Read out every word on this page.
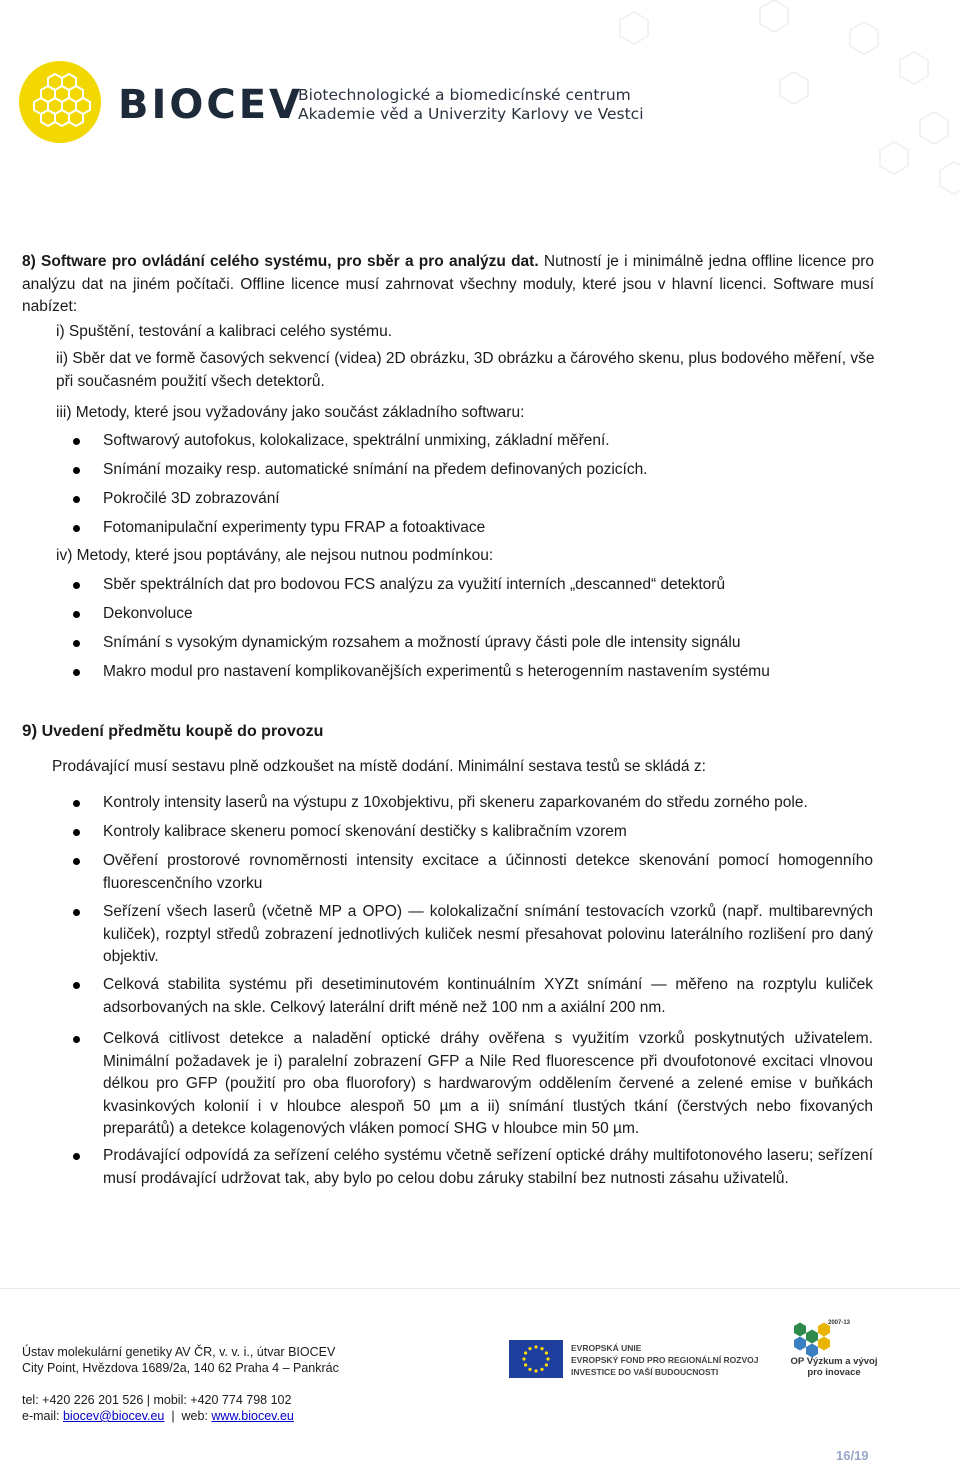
BIOCEV
Biotechnologické a biomedicínské centrum
Akademie věd a Univerzity Karlovy ve Vestci
8) Software pro ovládání celého systému, pro sběr a pro analýzu dat. Nutností je i minimálně jedna offline licence pro analýzu dat na jiném počítači. Offline licence musí zahrnovat všechny moduly, které jsou v hlavní licenci. Software musí nabízet:
i) Spuštění, testování a kalibraci celého systému.
ii) Sběr dat ve formě časových sekvencí (videa) 2D obrázku, 3D obrázku a čárového skenu, plus bodového měření, vše při současném použití všech detektorů.
iii) Metody, které jsou vyžadovány jako součást základního softwaru:
Softwarový autofokus, kolokalizace, spektrální unmixing, základní měření.
Snímání mozaiky resp. automatické snímání na předem definovaných pozicích.
Pokročilé 3D zobrazování
Fotomanipulační experimenty typu FRAP a fotoaktivace
iv) Metody, které jsou poptávány, ale nejsou nutnou podmínkou:
Sběr spektrálních dat pro bodovou FCS analýzu za využití interních „descanned“ detektorů
Dekonvoluce
Snímání s vysokým dynamickým rozsahem a možností úpravy části pole dle intensity signálu
Makro modul pro nastavení komplikovanějších experimentů s heterogenním nastavením systému
9) Uvedení předmětu koupě do provozu
Prodávající musí sestavu plně odzkoušet na místě dodání. Minimální sestava testů se skládá z:
Kontroly intensity laserů na výstupu z 10xobjektivu, při skeneru zaparkovaném do středu zorného pole.
Kontroly kalibrace skeneru pomocí skenování destičky s kalibračním vzorem
Ověření prostorové rovnoměrnosti intensity excitace a účinnosti detekce skenování pomocí homogenního fluorescenčního vzorku
Seřízení všech laserů (včetně MP a OPO) — kolokalizační snímání testovacích vzorků (např. multibarevných kuliček), rozptyl středů zobrazení jednotlivých kuliček nesmí přesahovat polovinu laterálního rozlišení pro daný objektiv.
Celková stabilita systému při desetiminutovém kontinuálním XYZt snímání — měřeno na rozptylu kuliček adsorbovaných na skle. Celkový laterální drift méně než 100 nm a axiální 200 nm.
Celková citlivost detekce a naladění optické dráhy ověřena s využitím vzorků poskytnutých uživatelem. Minimální požadavek je i) paralelní zobrazení GFP a Nile Red fluorescence při dvoufotonové excitaci vlnovou délkou pro GFP (použití pro oba fluorofory) s hardwarovým oddělením červené a zelené emise v buňkách kvasinkových kolonií i v hloubce alespoň 50 µm a ii) snímání tlustých tkání (čerstvých nebo fixovaných preparátů) a detekce kolagenových vláken pomocí SHG v hloubce min 50 µm.
Prodávající odpovídá za seřízení celého systému včetně seřízení optické dráhy multifotonového laseru; seřízení musí prodávající udržovat tak, aby bylo po celou dobu záruky stabilní bez nutnosti zásahu uživatelů.
Ústav molekulární genetiky AV ČR, v. v. i., útvar BIOCEV
City Point, Hvězdova 1689/2a, 140 62 Praha 4 – Pankrác
tel: +420 226 201 526 | mobil: +420 774 798 102
e-mail: biocev@biocev.eu  |  web: www.biocev.eu
EVROPSKÁ UNIE
EVROPSKÝ FOND PRO REGIONÁLNÍ ROZVOJ
INVESTICE DO VAŠÍ BUDOUCNOSTI
2007-13
OP Výzkum a vývoj
pro inovace
16/19
